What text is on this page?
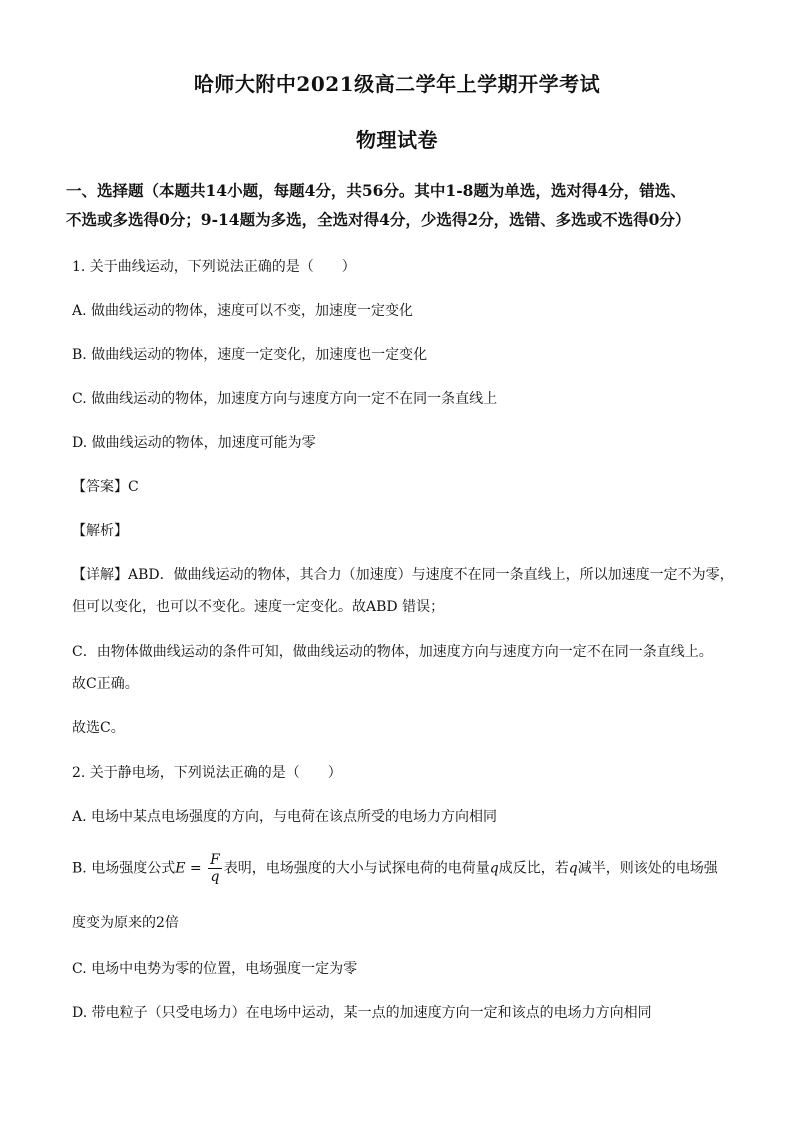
哈师大附中2021级高二学年上学期开学考试
物理试卷
一、选择题（本题共14小题，每题4分，共56分。其中1-8题为单选，选对得4分，错选、
不选或多选得0分；9-14题为多选，全选对得4分，少选得2分，选错、多选或不选得0分）
1. 关于曲线运动，下列说法正确的是（　　）
A. 做曲线运动的物体，速度可以不变，加速度一定变化
B. 做曲线运动的物体，速度一定变化，加速度也一定变化
C. 做曲线运动的物体，加速度方向与速度方向一定不在同一条直线上
D. 做曲线运动的物体，加速度可能为零
【答案】C
【解析】
【详解】ABD．做曲线运动的物体，其合力（加速度）与速度不在同一条直线上，所以加速度一定不为零，
但可以变化，也可以不变化。速度一定变化。故ABD 错误；
C．由物体做曲线运动的条件可知，做曲线运动的物体，加速度方向与速度方向一定不在同一条直线上。
故C正确。
故选C。
2. 关于静电场，下列说法正确的是（　　）
A. 电场中某点电场强度的方向，与电荷在该点所受的电场力方向相同
B. 电场强度公式$E = \frac{F}{q}$ 表明，电场强度的大小与试探电荷的电荷量q成反比，若q减半，则该处的电场强
度变为原来的2倍
C. 电场中电势为零的位置，电场强度一定为零
D. 带电粒子（只受电场力）在电场中运动，某一点的加速度方向一定和该点的电场力方向相同
